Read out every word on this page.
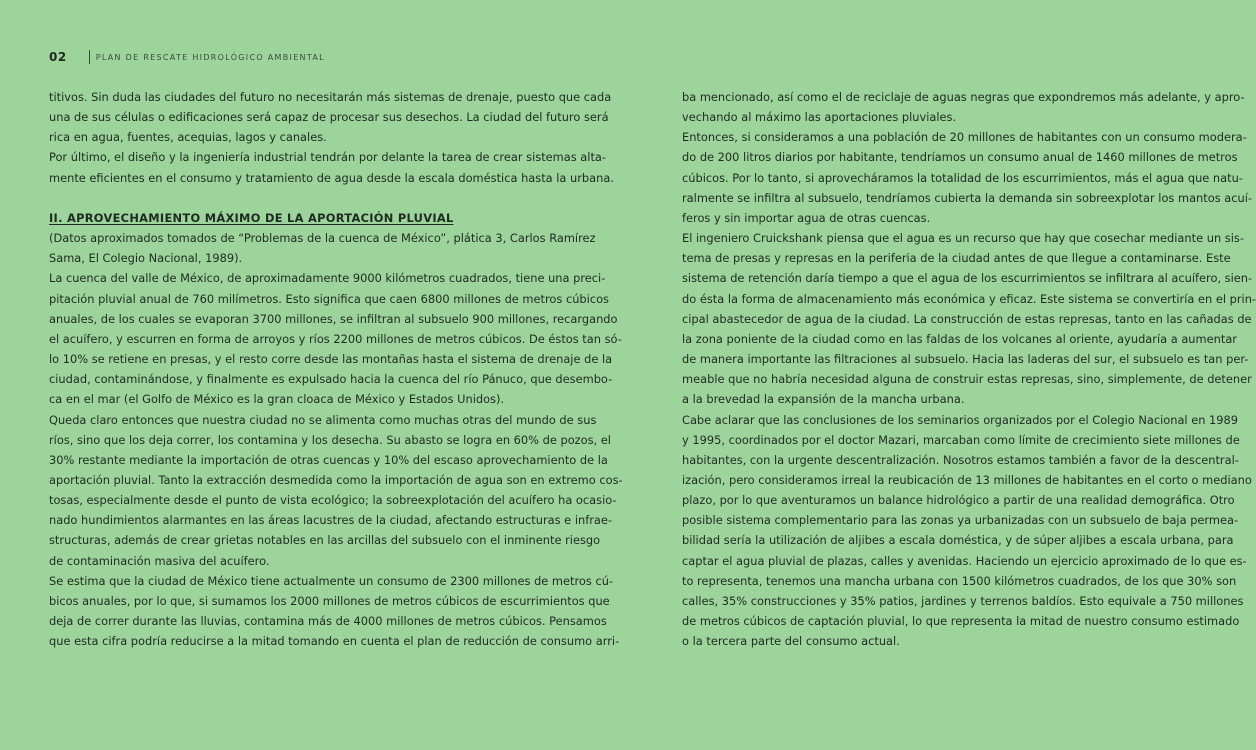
02	PLAN DE RESCATE HIDROLÓGICO AMBIENTAL
titivos. Sin duda las ciudades del futuro no necesitarán más sistemas de drenaje, puesto que cada
una de sus células o edificaciones será capaz de procesar sus desechos. La ciudad del futuro será
rica en agua, fuentes, acequias, lagos y canales.
Por último, el diseño y la ingeniería industrial tendrán por delante la tarea de crear sistemas alta-
mente eficientes en el consumo y tratamiento de agua desde la escala doméstica hasta la urbana.

II. APROVECHAMIENTO MÁXIMO DE LA APORTACIÓN PLUVIAL
(Datos aproximados tomados de “Problemas de la cuenca de México”, plática 3, Carlos Ramírez
Sama, El Colegio Nacional, 1989).
La cuenca del valle de México, de aproximadamente 9000 kilómetros cuadrados, tiene una preci-
pitación pluvial anual de 760 milímetros. Esto significa que caen 6800 millones de metros cúbicos
anuales, de los cuales se evaporan 3700 millones, se infiltran al subsuelo 900 millones, recargando
el acuífero, y escurren en forma de arroyos y ríos 2200 millones de metros cúbicos. De éstos tan só-
lo 10% se retiene en presas, y el resto corre desde las montañas hasta el sistema de drenaje de la
ciudad, contaminándose, y finalmente es expulsado hacia la cuenca del río Pánuco, que desembo-
ca en el mar (el Golfo de México es la gran cloaca de México y Estados Unidos).
Queda claro entonces que nuestra ciudad no se alimenta como muchas otras del mundo de sus
ríos, sino que los deja correr, los contamina y los desecha. Su abasto se logra en 60% de pozos, el
30% restante mediante la importación de otras cuencas y 10% del escaso aprovechamiento de la
aportación pluvial. Tanto la extracción desmedida como la importación de agua son en extremo cos-
tosas, especialmente desde el punto de vista ecológico; la sobreexplotación del acuífero ha ocasio-
nado hundimientos alarmantes en las áreas lacustres de la ciudad, afectando estructuras e infrae-
structuras, además de crear grietas notables en las arcillas del subsuelo con el inminente riesgo
de contaminación masiva del acuífero.
Se estima que la ciudad de México tiene actualmente un consumo de 2300 millones de metros cú-
bicos anuales, por lo que, si sumamos los 2000 millones de metros cúbicos de escurrimientos que
deja de correr durante las lluvias, contamina más de 4000 millones de metros cúbicos. Pensamos
que esta cifra podría reducirse a la mitad tomando en cuenta el plan de reducción de consumo arri-
ba mencionado, así como el de reciclaje de aguas negras que expondremos más adelante, y apro-
vechando al máximo las aportaciones pluviales.
Entonces, si consideramos a una población de 20 millones de habitantes con un consumo modera-
do de 200 litros diarios por habitante, tendríamos un consumo anual de 1460 millones de metros
cúbicos. Por lo tanto, si aprovecháramos la totalidad de los escurrimientos, más el agua que natu-
ralmente se infiltra al subsuelo, tendríamos cubierta la demanda sin sobreexplotar los mantos acuí-
feros y sin importar agua de otras cuencas.
El ingeniero Cruickshank piensa que el agua es un recurso que hay que cosechar mediante un sis-
tema de presas y represas en la periferia de la ciudad antes de que llegue a contaminarse. Este
sistema de retención daría tiempo a que el agua de los escurrimientos se infiltrara al acuífero, sien-
do ésta la forma de almacenamiento más económica y eficaz. Este sistema se convertiría en el prin-
cipal abastecedor de agua de la ciudad. La construcción de estas represas, tanto en las cañadas de
la zona poniente de la ciudad como en las faldas de los volcanes al oriente, ayudaría a aumentar
de manera importante las filtraciones al subsuelo. Hacia las laderas del sur, el subsuelo es tan per-
meable que no habría necesidad alguna de construir estas represas, sino, simplemente, de detener
a la brevedad la expansión de la mancha urbana.
Cabe aclarar que las conclusiones de los seminarios organizados por el Colegio Nacional en 1989
y 1995, coordinados por el doctor Mazari, marcaban como límite de crecimiento siete millones de
habitantes, con la urgente descentralización. Nosotros estamos también a favor de la descentral-
ización, pero consideramos irreal la reubicación de 13 millones de habitantes en el corto o mediano
plazo, por lo que aventuramos un balance hidrológico a partir de una realidad demográfica. Otro
posible sistema complementario para las zonas ya urbanizadas con un subsuelo de baja permea-
bilidad sería la utilización de aljibes a escala doméstica, y de súper aljibes a escala urbana, para
captar el agua pluvial de plazas, calles y avenidas. Haciendo un ejercicio aproximado de lo que es-
to representa, tenemos una mancha urbana con 1500 kilómetros cuadrados, de los que 30% son
calles, 35% construcciones y 35% patios, jardines y terrenos baldíos. Esto equivale a 750 millones
de metros cúbicos de captación pluvial, lo que representa la mitad de nuestro consumo estimado
o la tercera parte del consumo actual.
